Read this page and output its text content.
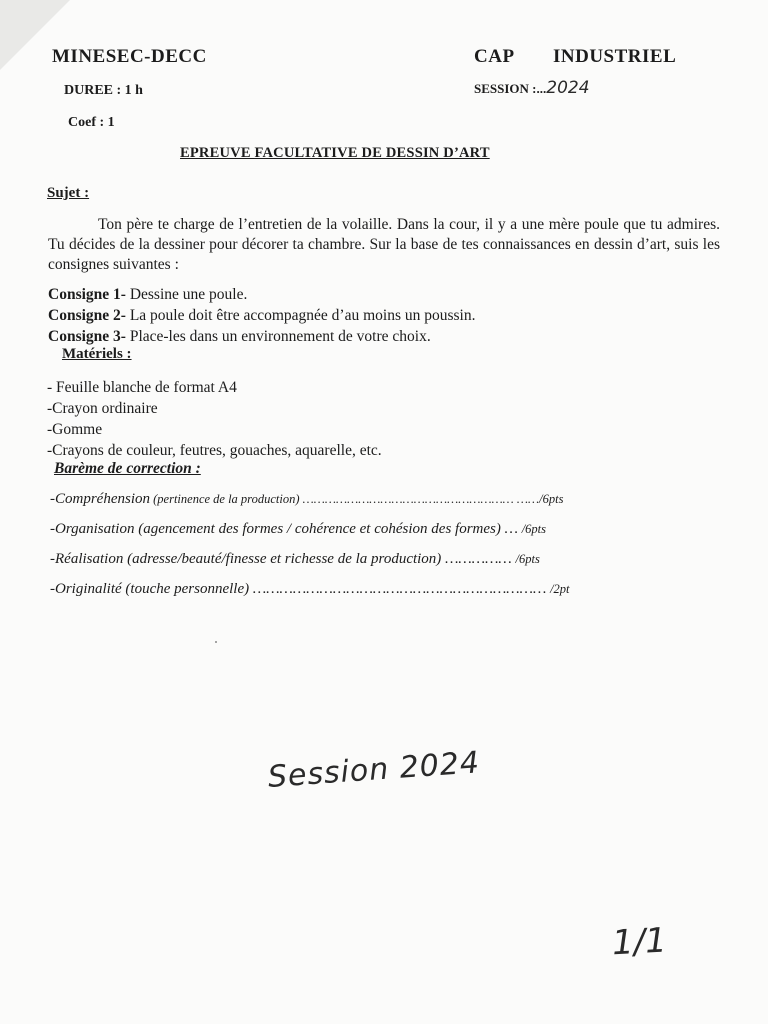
MINESEC-DECC	CAP INDUSTRIEL
DUREE : 1 h
Coef : 1
SESSION :...2024
EPREUVE FACULTATIVE DE DESSIN D’ART
Sujet :

Ton père te charge de l’entretien de la volaille. Dans la cour, il y a une mère poule que tu admires. Tu décides de la dessiner pour décorer ta chambre. Sur la base de tes connaissances en dessin d’art, suis les consignes suivantes :

Consigne 1- Dessine une poule.
Consigne 2- La poule doit être accompagnée d’au moins un poussin.
Consigne 3- Place-les dans un environnement de votre choix.
Matériels :
- Feuille blanche de format A4
-Crayon ordinaire
-Gomme
-Crayons de couleur, feutres, gouaches, aquarelle, etc.
Barème de correction :
-Compréhension (pertinence de la production) ………………………………………………… ……/6pts
-Organisation (agencement des formes / cohérence et cohésion des formes) … /6pts
-Réalisation (adresse/beauté/finesse et richesse de la production) …………… /6pts
-Originalité (touche personnelle) ………………………………………………………… /2pt
Session 2024
1/1
